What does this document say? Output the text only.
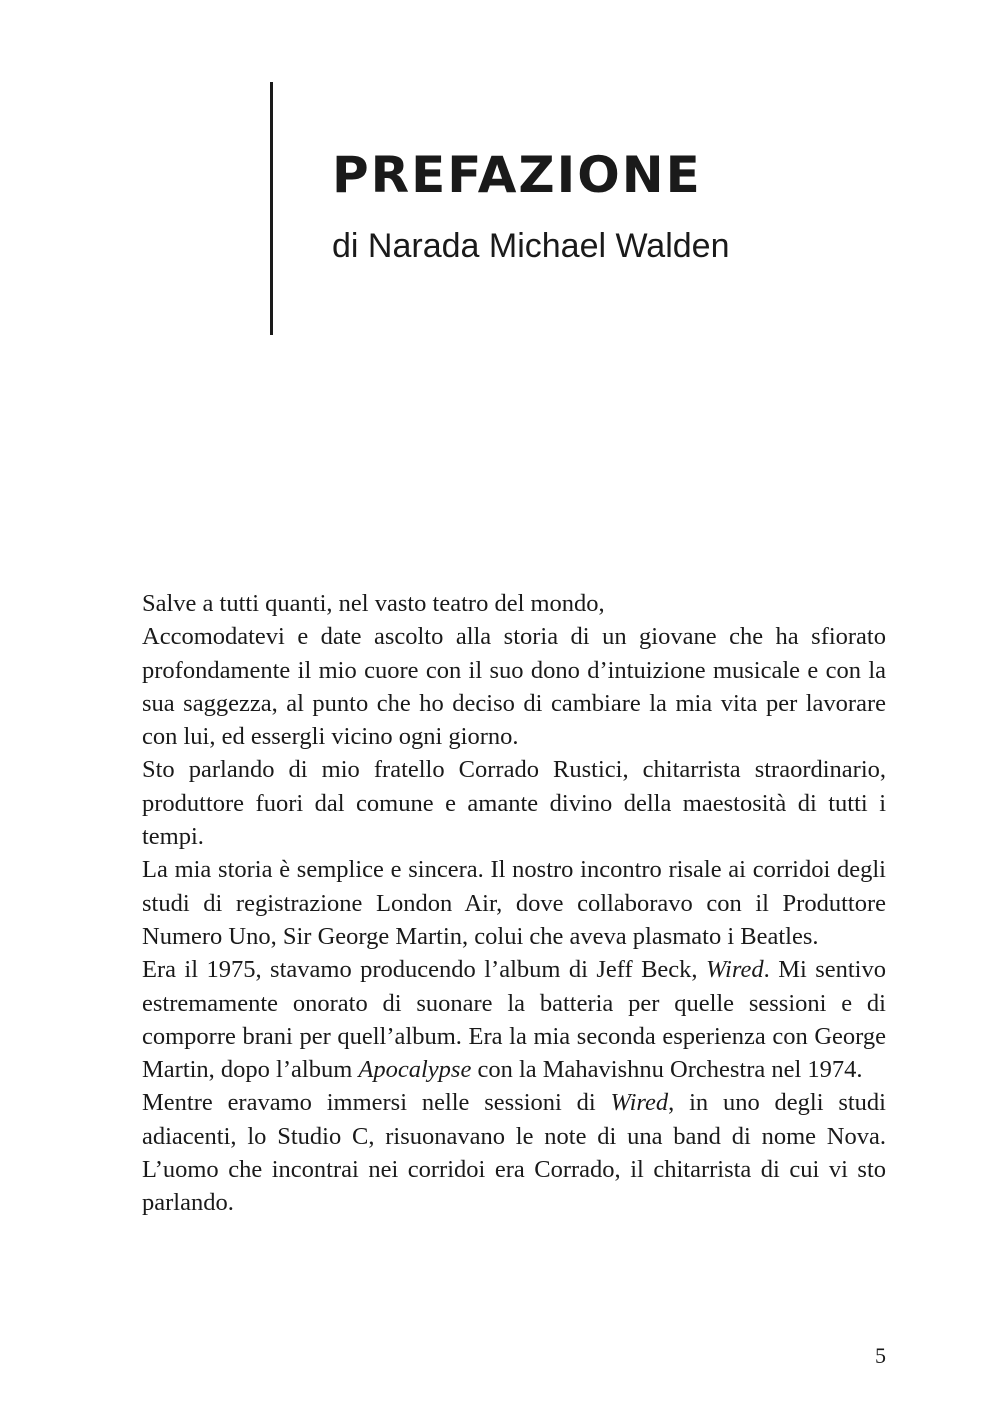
PREFAZIONE
di Narada Michael Walden

Salve a tutti quanti, nel vasto teatro del mondo,

Accomodatevi e date ascolto alla storia di un giovane che ha sfiorato profondamente il mio cuore con il suo dono d’intuizione musicale e con la sua saggezza, al punto che ho deciso di cambiare la mia vita per lavorare con lui, ed essergli vicino ogni giorno.

Sto parlando di mio fratello Corrado Rustici, chitarrista straordinario, produttore fuori dal comune e amante divino della maestosità di tutti i tempi.

La mia storia è semplice e sincera. Il nostro incontro risale ai corridoi degli studi di registrazione London Air, dove collaboravo con il Produttore Numero Uno, Sir George Martin, colui che aveva plasmato i Beatles.

Era il 1975, stavamo producendo l’album di Jeff Beck, Wired. Mi sentivo estremamente onorato di suonare la batteria per quelle sessioni e di comporre brani per quell’album. Era la mia seconda esperienza con George Martin, dopo l’album Apocalypse con la Mahavishnu Orchestra nel 1974.

Mentre eravamo immersi nelle sessioni di Wired, in uno degli studi adiacenti, lo Studio C, risuonavano le note di una band di nome Nova. L’uomo che incontrai nei corridoi era Corrado, il chitarrista di cui vi sto parlando.

5
